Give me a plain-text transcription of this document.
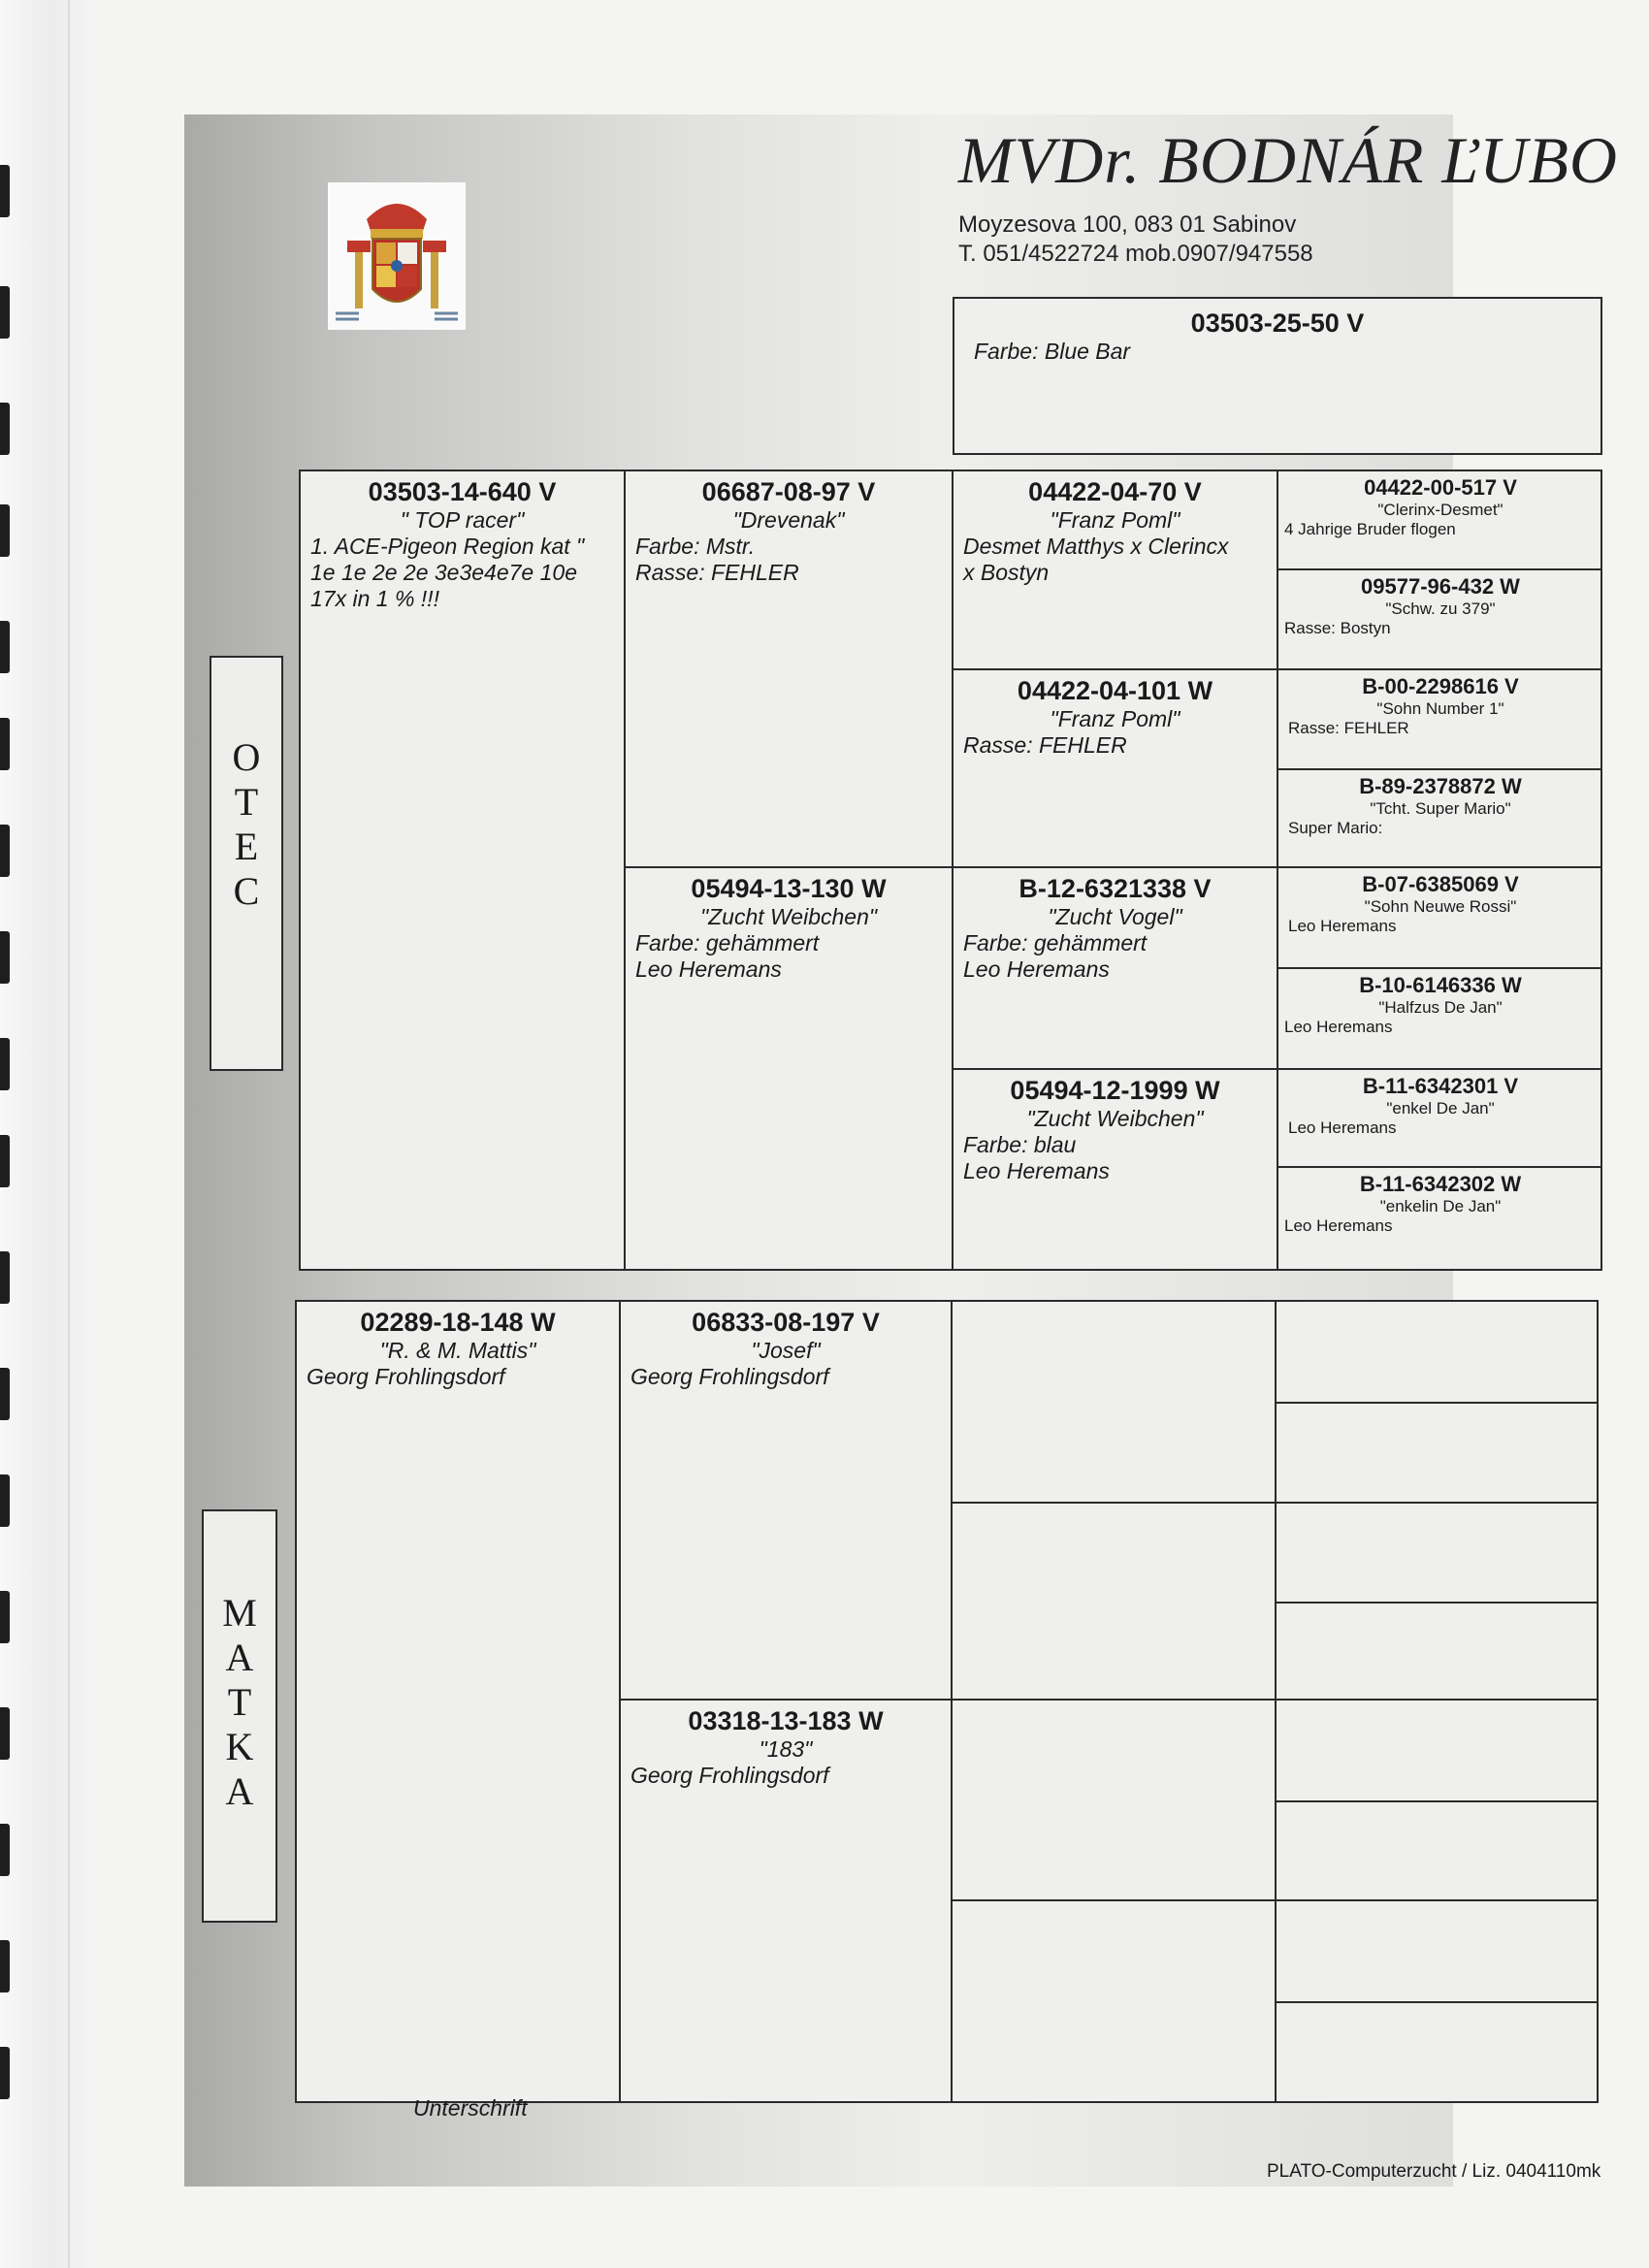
MVDr. BODNÁR ĽUBO
Moyzesova 100, 083 01 Sabinov
T. 051/4522724 mob.0907/947558
03503-25-50 V
Farbe: Blue Bar
O
T
E
C
M
A
T
K
A
03503-14-640 V
" TOP racer"
1. ACE-Pigeon Region kat "
1e 1e 2e 2e 3e3e4e7e 10e
17x in 1 % !!!
06687-08-97 V
"Drevenak"
Farbe: Mstr.
Rasse: FEHLER
05494-13-130 W
"Zucht Weibchen"
Farbe: gehämmert
Leo Heremans
04422-04-70 V
"Franz Poml"
Desmet Matthys x Clerincx
x Bostyn
04422-04-101 W
"Franz Poml"
Rasse: FEHLER
B-12-6321338 V
"Zucht Vogel"
Farbe: gehämmert
Leo Heremans
05494-12-1999 W
"Zucht Weibchen"
Farbe: blau
Leo Heremans
04422-00-517 V
"Clerinx-Desmet"
4 Jahrige Bruder flogen
09577-96-432 W
"Schw. zu 379"
Rasse: Bostyn
B-00-2298616 V
"Sohn Number 1"
Rasse: FEHLER
B-89-2378872 W
"Tcht. Super Mario"
Super Mario:
B-07-6385069 V
"Sohn Neuwe Rossi"
Leo Heremans
B-10-6146336 W
"Halfzus De Jan"
Leo Heremans
B-11-6342301 V
"enkel De Jan"
Leo Heremans
B-11-6342302 W
"enkelin De Jan"
Leo Heremans
02289-18-148 W
"R. & M. Mattis"
Georg Frohlingsdorf
06833-08-197 V
"Josef"
Georg Frohlingsdorf
03318-13-183 W
"183"
Georg Frohlingsdorf
Unterschrift
PLATO-Computerzucht / Liz. 0404110mk
